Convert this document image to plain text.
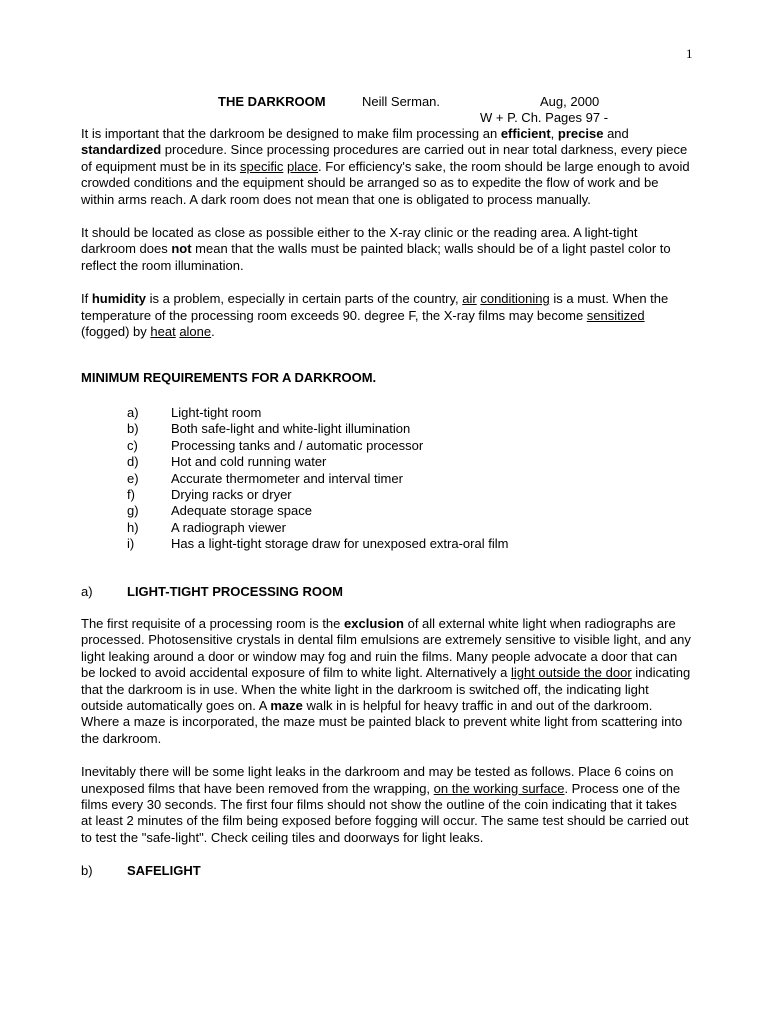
1
THE DARKROOM	Neill Serman.	Aug, 2000
W + P. Ch. Pages 97 -

It is important that the darkroom be designed to make film processing an efficient, precise and standardized procedure. Since processing procedures are carried out in near total darkness, every piece of equipment must be in its specific place. For efficiency's sake, the room should be large enough to avoid crowded conditions and the equipment should be arranged so as to expedite the flow of work and be within arms reach. A dark room does not mean that one is obligated to process manually.

It should be located as close as possible either to the X-ray clinic or the reading area. A light-tight darkroom does not mean that the walls must be painted black; walls should be of a light pastel color to reflect the room illumination.

If humidity is a problem, especially in certain parts of the country, air conditioning is a must. When the temperature of the processing room exceeds 90. degree F, the X-ray films may become sensitized (fogged) by heat alone.

MINIMUM REQUIREMENTS FOR A DARKROOM.
a)	Light-tight room
b)	Both safe-light and white-light illumination
c)	Processing tanks and / automatic processor
d)	Hot and cold running water
e)	Accurate thermometer and interval timer
f)	Drying racks or dryer
g)	Adequate storage space
h)	A radiograph viewer
i)	Has a light-tight storage draw for unexposed extra-oral film
a)	LIGHT-TIGHT PROCESSING ROOM

The first requisite of a processing room is the exclusion of all external white light when radiographs are processed. Photosensitive crystals in dental film emulsions are extremely sensitive to visible light, and any light leaking around a door or window may fog and ruin the films. Many people advocate a door that can be locked to avoid accidental exposure of film to white light. Alternatively a light outside the door indicating that the darkroom is in use. When the white light in the darkroom is switched off, the indicating light outside automatically goes on. A maze walk in is helpful for heavy traffic in and out of the darkroom. Where a maze is incorporated, the maze must be painted black to prevent white light from scattering into the darkroom.

Inevitably there will be some light leaks in the darkroom and may be tested as follows. Place 6 coins on unexposed films that have been removed from the wrapping, on the working surface. Process one of the films every 30 seconds. The first four films should not show the outline of the coin indicating that it takes at least 2 minutes of the film being exposed before fogging will occur. The same test should be carried out to test the "safe-light". Check ceiling tiles and doorways for light leaks.

b)	SAFELIGHT
